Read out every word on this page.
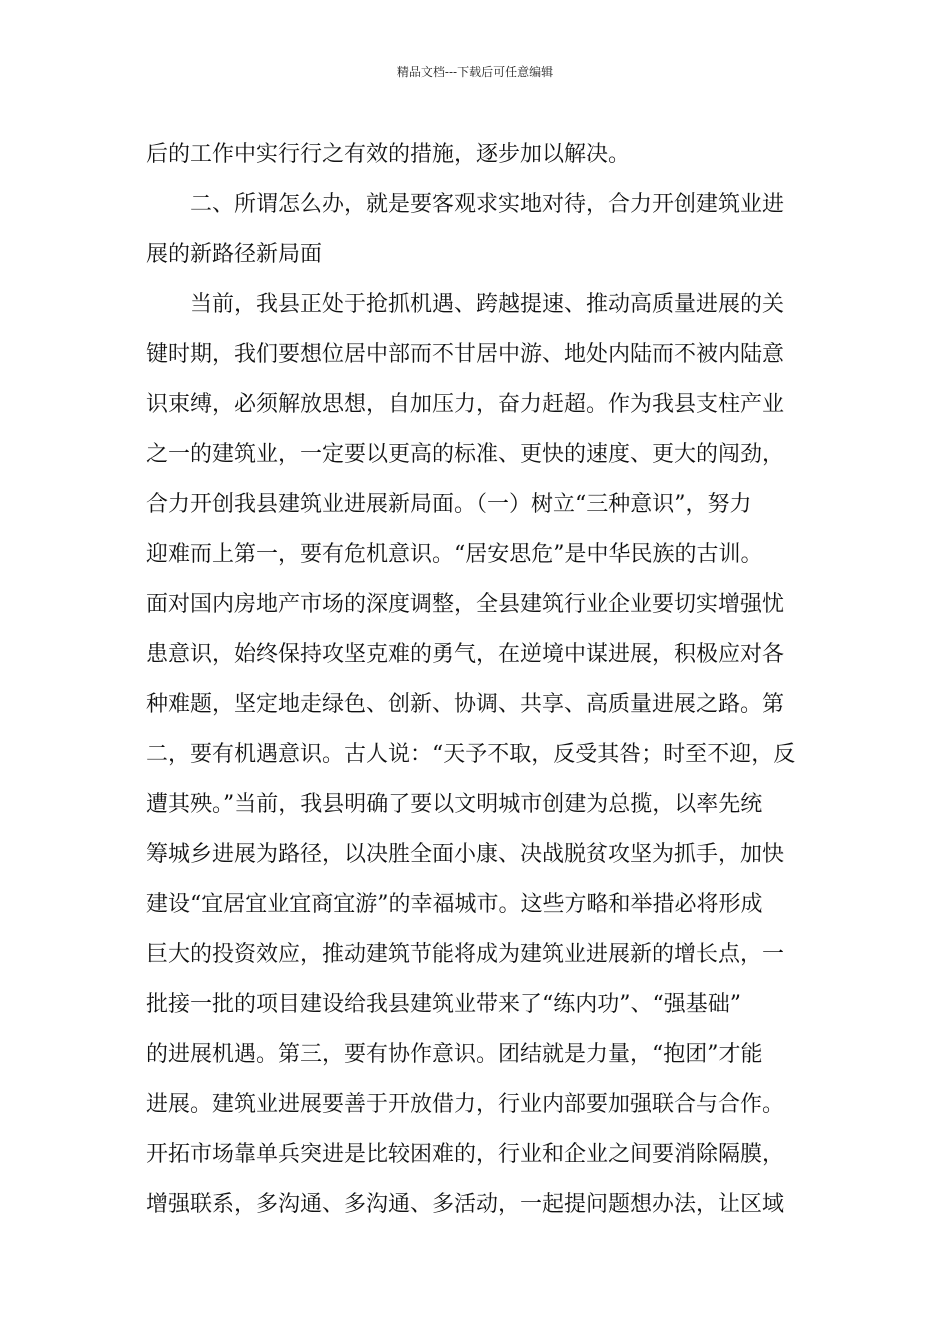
精品文档---下载后可任意编辑
后的工作中实行行之有效的措施，逐步加以解决。
二、所谓怎么办，就是要客观求实地对待，合力开创建筑业进
展的新路径新局面
当前，我县正处于抢抓机遇、跨越提速、推动高质量进展的关
键时期，我们要想位居中部而不甘居中游、地处内陆而不被内陆意
识束缚，必须解放思想，自加压力，奋力赶超。作为我县支柱产业
之一的建筑业，一定要以更高的标准、更快的速度、更大的闯劲，
合力开创我县建筑业进展新局面。（一）树立“三种意识”，努力
迎难而上第一，要有危机意识。“居安思危”是中华民族的古训。
面对国内房地产市场的深度调整，全县建筑行业企业要切实增强忧
患意识，始终保持攻坚克难的勇气，在逆境中谋进展，积极应对各
种难题，坚定地走绿色、创新、协调、共享、高质量进展之路。第
二，要有机遇意识。古人说：“天予不取，反受其咎；时至不迎，反
遭其殃。”当前，我县明确了要以文明城市创建为总揽，以率先统
筹城乡进展为路径，以决胜全面小康、决战脱贫攻坚为抓手，加快
建设“宜居宜业宜商宜游”的幸福城市。这些方略和举措必将形成
巨大的投资效应，推动建筑节能将成为建筑业进展新的增长点，一
批接一批的项目建设给我县建筑业带来了“练内功”、“强基础”
的进展机遇。第三，要有协作意识。团结就是力量，“抱团”才能
进展。建筑业进展要善于开放借力，行业内部要加强联合与合作。
开拓市场靠单兵突进是比较困难的，行业和企业之间要消除隔膜，
增强联系，多沟通、多沟通、多活动，一起提问题想办法，让区域
